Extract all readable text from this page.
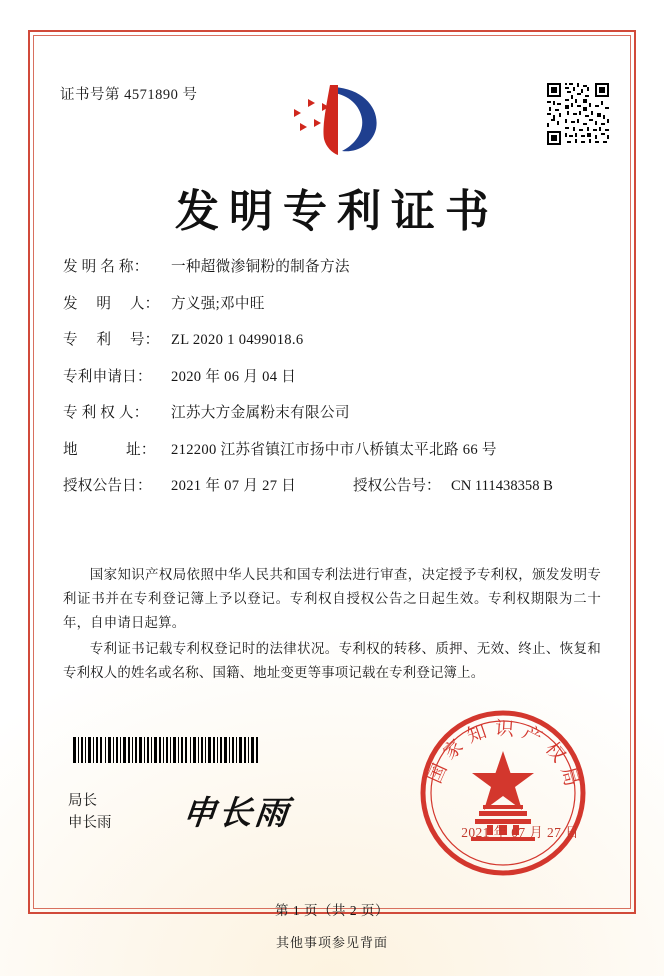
证书号第 4571890 号
发明专利证书
发 明 名 称：	一种超微渗铜粉的制备方法
发 　明 　人： 方义强;邓中旺
专 　利 　号： ZL 2020 1 0499018.6
专利申请日：	2020 年 06 月 04 日
专 利 权 人：	江苏大方金属粉末有限公司
地 　　　址：	212200 江苏省镇江市扬中市八桥镇太平北路 66 号
授权公告日：	2021 年 07 月 27 日	授权公告号： CN 111438358 B

国家知识产权局依照中华人民共和国专利法进行审查，决定授予专利权，颁发发明专利证书并在专利登记簿上予以登记。专利权自授权公告之日起生效。专利权期限为二十年，自申请日起算。

专利证书记载专利权登记时的法律状况。专利权的转移、质押、无效、终止、恢复和专利权人的姓名或名称、国籍、地址变更等事项记载在专利登记簿上。

局长
申长雨 申长雨
国家知识产权局
2021 年 07 月 27 日
第 1 页（共 2 页）
其他事项参见背面
